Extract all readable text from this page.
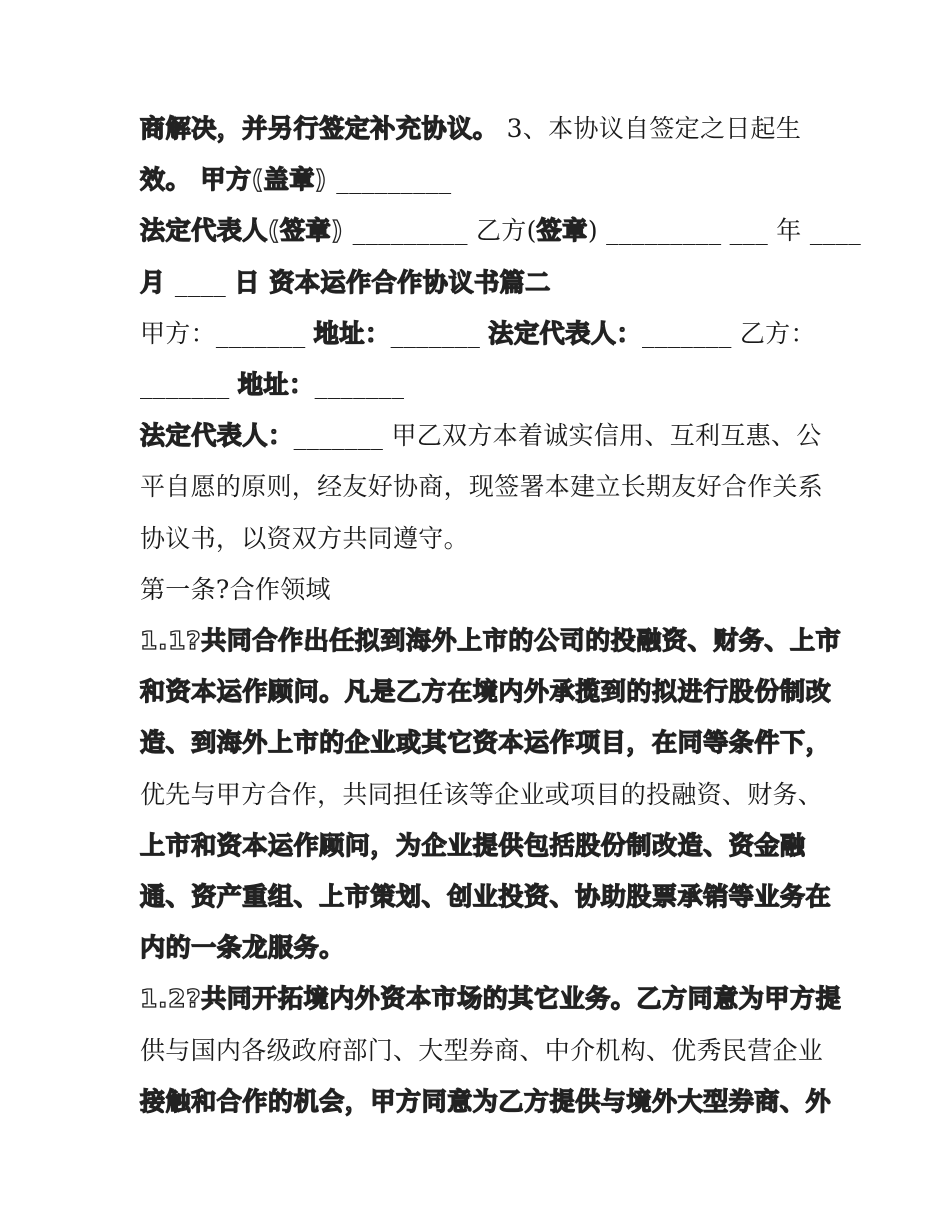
商解决，并另行签定补充协议。 3、本协议自签定之日起生
效。 甲方(盖章) _________
法定代表人(签章) _________ 乙方(签章) _________ ___ 年 ____
月 ____ 日 资本运作合作协议书篇二
甲方：_______ 地址：_______ 法定代表人：_______ 乙方：
_______ 地址：_______
法定代表人：_______ 甲乙双方本着诚实信用、互利互惠、公
平自愿的原则，经友好协商，现签署本建立长期友好合作关系
协议书，以资双方共同遵守。
第一条?合作领域
1.1?共同合作出任拟到海外上市的公司的投融资、财务、上市
和资本运作顾问。凡是乙方在境内外承揽到的拟进行股份制改
造、到海外上市的企业或其它资本运作项目，在同等条件下，
优先与甲方合作，共同担任该等企业或项目的投融资、财务、
上市和资本运作顾问，为企业提供包括股份制改造、资金融
通、资产重组、上市策划、创业投资、协助股票承销等业务在
内的一条龙服务。
1.2?共同开拓境内外资本市场的其它业务。乙方同意为甲方提
供与国内各级政府部门、大型券商、中介机构、优秀民营企业
接触和合作的机会，甲方同意为乙方提供与境外大型券商、外
